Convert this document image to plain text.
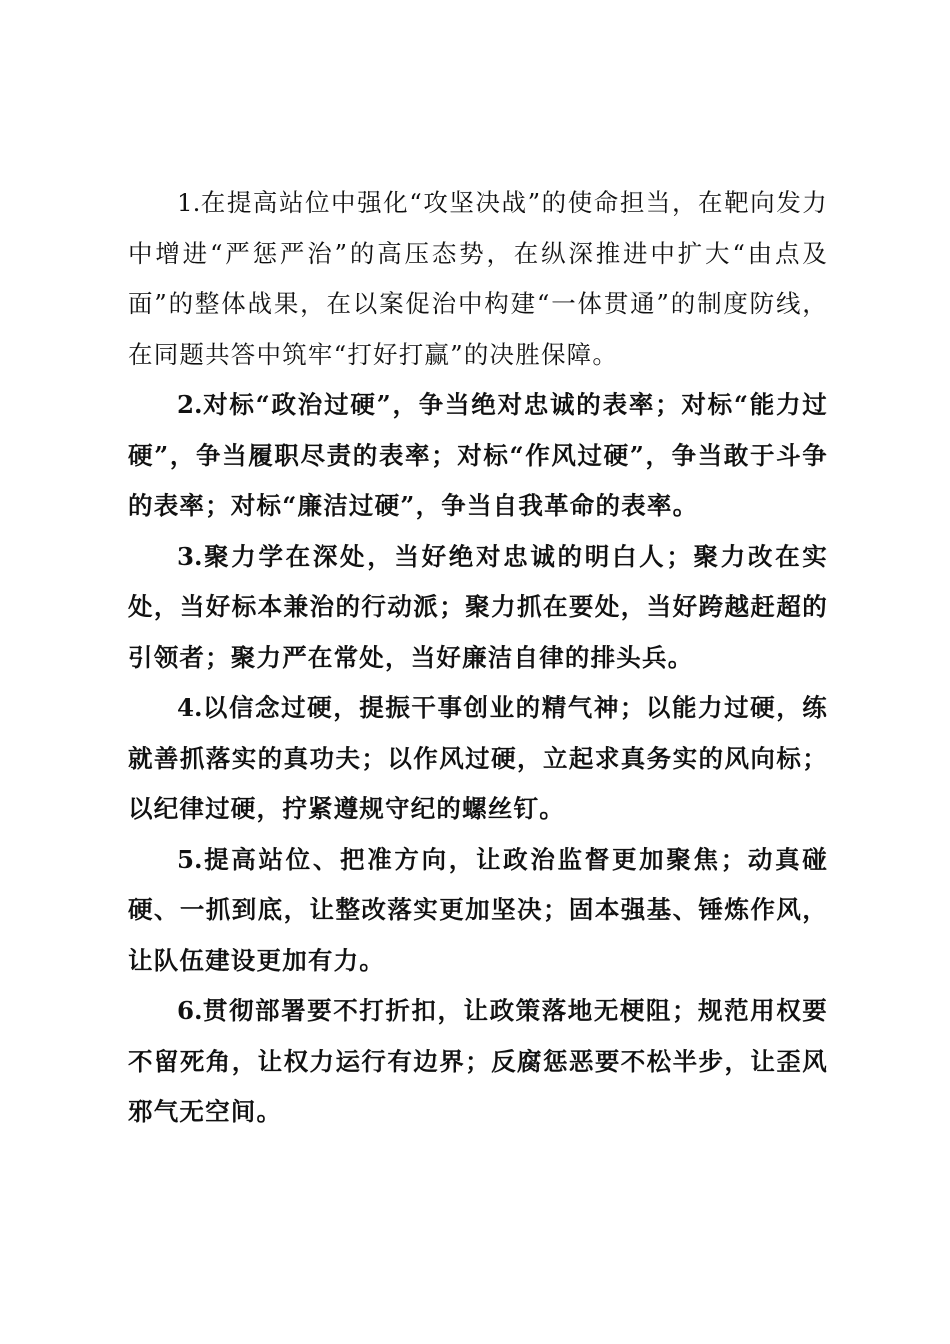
1.在提高站位中强化“攻坚决战”的使命担当，在靶向发力中增进“严惩严治”的高压态势，在纵深推进中扩大“由点及面”的整体战果，在以案促治中构建“一体贯通”的制度防线，在同题共答中筑牢“打好打赢”的决胜保障。

2.对标“政治过硬”，争当绝对忠诚的表率；对标“能力过硬”，争当履职尽责的表率；对标“作风过硬”，争当敢于斗争的表率；对标“廉洁过硬”，争当自我革命的表率。

3.聚力学在深处，当好绝对忠诚的明白人；聚力改在实处，当好标本兼治的行动派；聚力抓在要处，当好跨越赶超的引领者；聚力严在常处，当好廉洁自律的排头兵。

4.以信念过硬，提振干事创业的精气神；以能力过硬，练就善抓落实的真功夫；以作风过硬，立起求真务实的风向标；以纪律过硬，拧紧遵规守纪的螺丝钉。

5.提高站位、把准方向，让政治监督更加聚焦；动真碰硬、一抓到底，让整改落实更加坚决；固本强基、锤炼作风，让队伍建设更加有力。

6.贯彻部署要不打折扣，让政策落地无梗阻；规范用权要不留死角，让权力运行有边界；反腐惩恶要不松半步，让歪风邪气无空间。
